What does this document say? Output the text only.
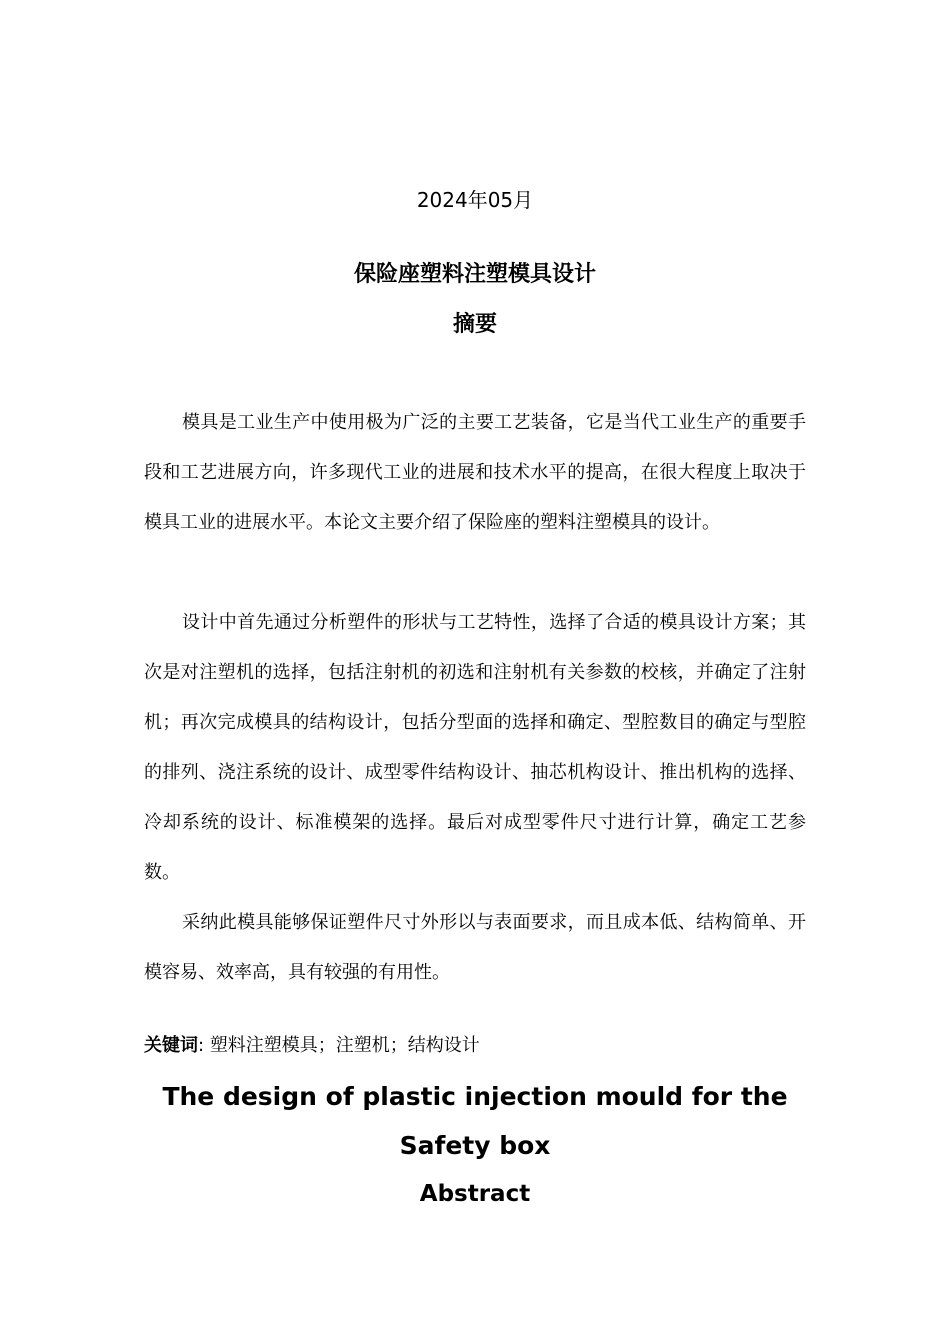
2024年05月
保险座塑料注塑模具设计
摘要

模具是工业生产中使用极为广泛的主要工艺装备，它是当代工业生产的重要手段和工艺进展方向，许多现代工业的进展和技术水平的提高，在很大程度上取决于模具工业的进展水平。本论文主要介绍了保险座的塑料注塑模具的设计。

设计中首先通过分析塑件的形状与工艺特性，选择了合适的模具设计方案；其次是对注塑机的选择，包括注射机的初选和注射机有关参数的校核，并确定了注射机；再次完成模具的结构设计，包括分型面的选择和确定、型腔数目的确定与型腔的排列、浇注系统的设计、成型零件结构设计、抽芯机构设计、推出机构的选择、冷却系统的设计、标准模架的选择。最后对成型零件尺寸进行计算，确定工艺参数。

采纳此模具能够保证塑件尺寸外形以与表面要求，而且成本低、结构简单、开模容易、效率高，具有较强的有用性。

关键词: 塑料注塑模具；注塑机；结构设计
The design of plastic injection mould for the
Safety box
Abstract
